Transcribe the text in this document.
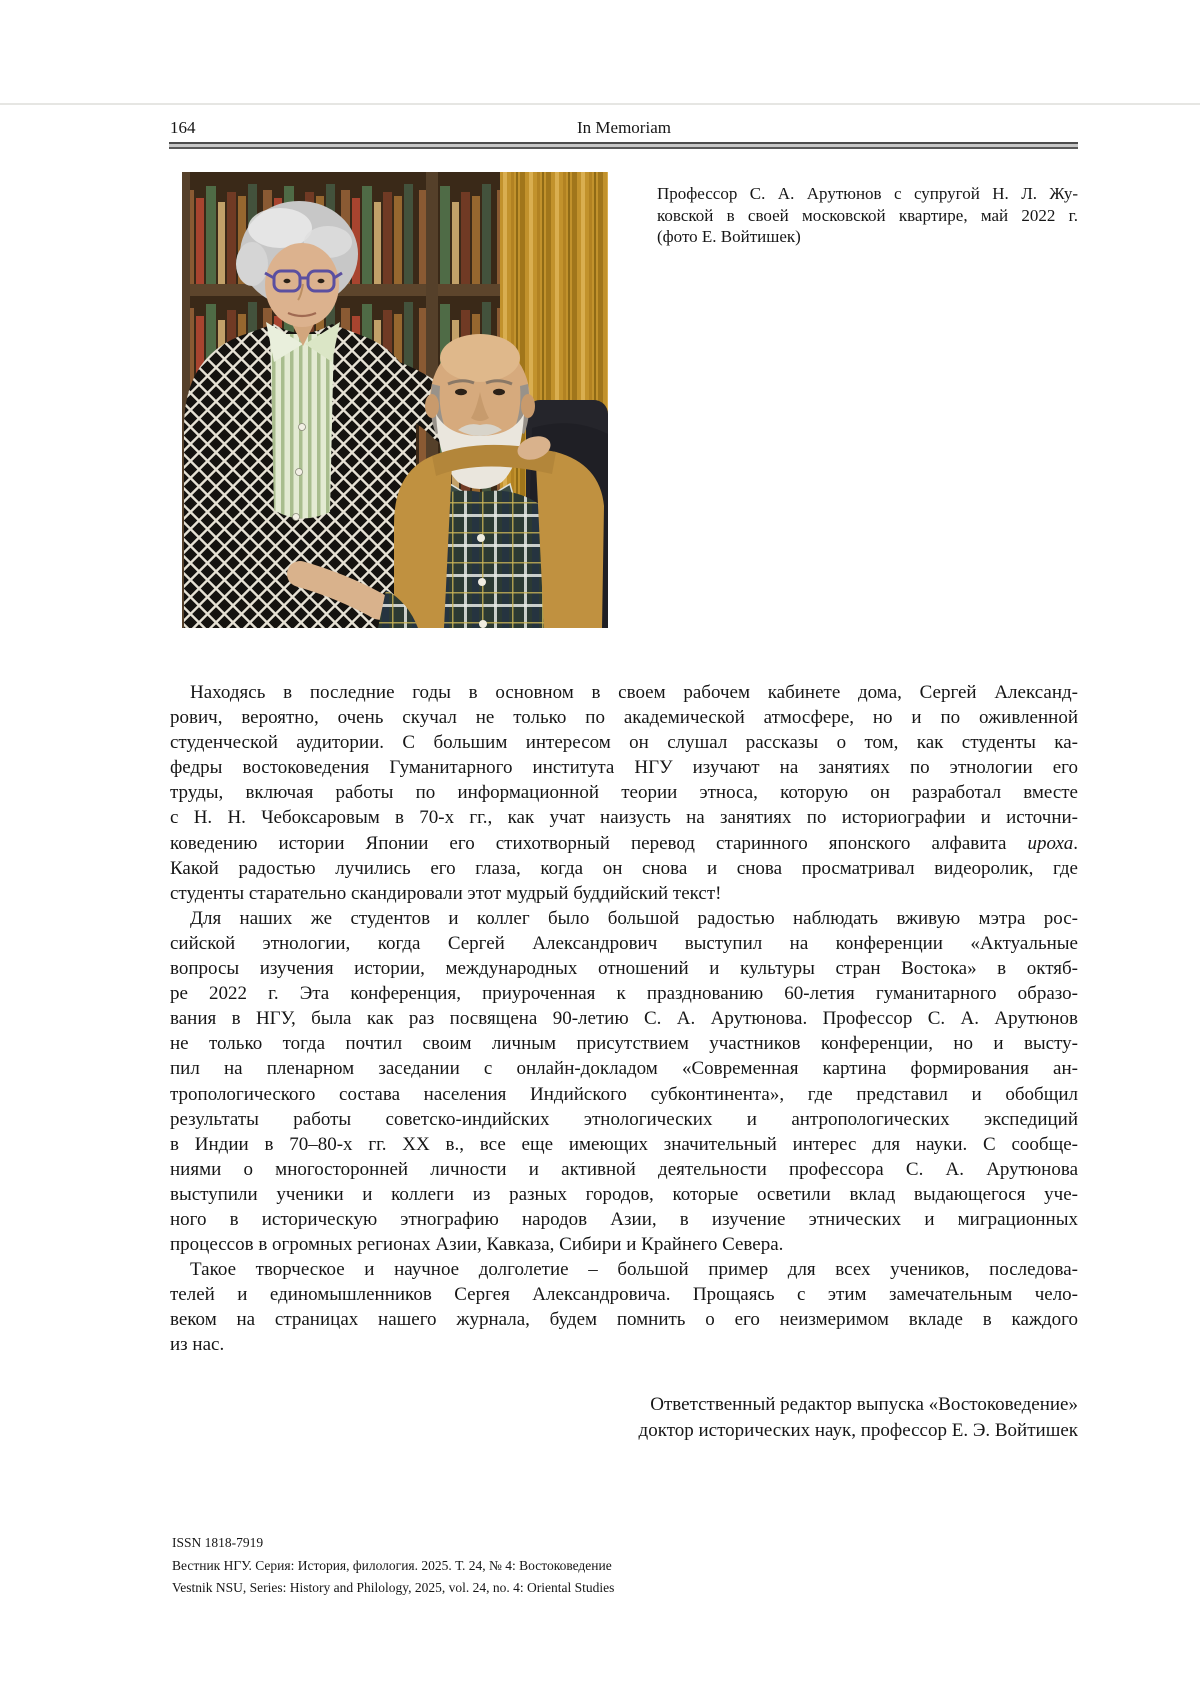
164	In Memoriam
Профессор С. А. Арутюнов с супругой Н. Л. Жу-
ковской в своей московской квартире, май 2022 г.
(фото Е. Войтишек)
Находясь в последние годы в основном в своем рабочем кабинете дома, Сергей Александ-
рович, вероятно, очень скучал не только по академической атмосфере, но и по оживленной
студенческой аудитории. С большим интересом он слушал рассказы о том, как студенты ка-
федры востоковедения Гуманитарного института НГУ изучают на занятиях по этнологии его
труды, включая работы по информационной теории этноса, которую он разработал вместе
с Н. Н. Чебоксаровым в 70-х гг., как учат наизусть на занятиях по историографии и источни-
коведению истории Японии его стихотворный перевод старинного японского алфавита ироха.
Какой радостью лучились его глаза, когда он снова и снова просматривал видеоролик, где
студенты старательно скандировали этот мудрый буддийский текст!
Для наших же студентов и коллег было большой радостью наблюдать вживую мэтра рос-
сийской этнологии, когда Сергей Александрович выступил на конференции «Актуальные
вопросы изучения истории, международных отношений и культуры стран Востока» в октяб-
ре 2022 г. Эта конференция, приуроченная к празднованию 60-летия гуманитарного образо-
вания в НГУ, была как раз посвящена 90-летию С. А. Арутюнова. Профессор С. А. Арутюнов
не только тогда почтил своим личным присутствием участников конференции, но и высту-
пил на пленарном заседании с онлайн-докладом «Современная картина формирования ан-
тропологического состава населения Индийского субконтинента», где представил и обобщил
результаты работы советско-индийских этнологических и антропологических экспедиций
в Индии в 70–80-х гг. XX в., все еще имеющих значительный интерес для науки. С сообще-
ниями о многосторонней личности и активной деятельности профессора С. А. Арутюнова
выступили ученики и коллеги из разных городов, которые осветили вклад выдающегося уче-
ного в историческую этнографию народов Азии, в изучение этнических и миграционных
процессов в огромных регионах Азии, Кавказа, Сибири и Крайнего Севера.
Такое творческое и научное долголетие – большой пример для всех учеников, последова-
телей и единомышленников Сергея Александровича. Прощаясь с этим замечательным чело-
веком на страницах нашего журнала, будем помнить о его неизмеримом вкладе в каждого
из нас.
Ответственный редактор выпуска «Востоковедение»
доктор исторических наук, профессор Е. Э. Войтишек
ISSN 1818-7919
Вестник НГУ. Серия: История, филология. 2025. Т. 24, № 4: Востоковедение
Vestnik NSU, Series: History and Philology, 2025, vol. 24, no. 4: Oriental Studies
